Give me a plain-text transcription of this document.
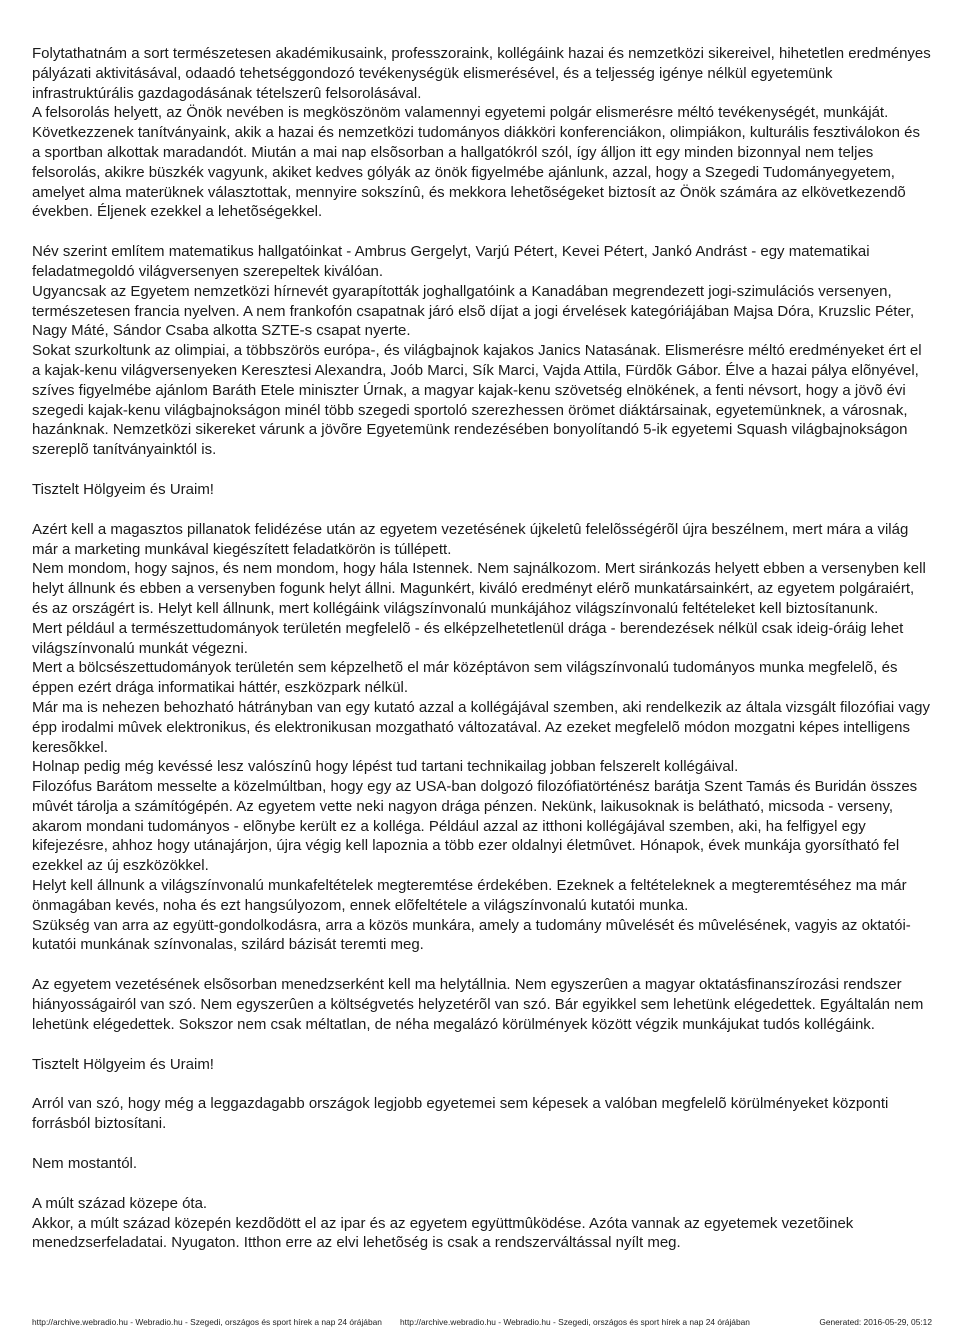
Folytathatnám a sort természetesen akadémikusaink, professzoraink, kollégáink hazai és nemzetközi sikereivel, hihetetlen eredményes pályázati aktivitásával, odaadó tehetséggondozó tevékenységük elismerésével, és a teljesség igénye nélkül egyetemünk infrastruktúrális gazdagodásának tételszerû felsorolásával.

A felsorolás helyett, az Önök nevében is megköszönöm valamennyi egyetemi polgár elismerésre méltó tevékenységét, munkáját.

Következzenek tanítványaink, akik a hazai és nemzetközi tudományos diákköri konferenciákon, olimpiákon, kulturális fesztiválokon és a sportban alkottak maradandót. Miután a mai nap elsõsorban a hallgatókról szól, így álljon itt egy minden bizonnyal nem teljes felsorolás, akikre büszkék vagyunk, akiket kedves gólyák az önök figyelmébe ajánlunk, azzal, hogy a Szegedi Tudományegyetem, amelyet alma materüknek választottak, mennyire sokszínû, és mekkora lehetõségeket biztosít az Önök számára az elkövetkezendõ években. Éljenek ezekkel a lehetõségekkel.

Név szerint említem matematikus hallgatóinkat - Ambrus Gergelyt, Varjú Pétert, Kevei Pétert, Jankó Andrást - egy matematikai feladatmegoldó világversenyen szerepeltek kiválóan.

Ugyancsak az Egyetem nemzetközi hírnevét gyarapították joghallgatóink a Kanadában megrendezett jogi-szimulációs versenyen, természetesen francia nyelven. A nem frankofón csapatnak járó elsõ díjat a jogi érvelések kategóriájában Majsa Dóra, Kruzslic Péter, Nagy Máté, Sándor Csaba alkotta SZTE-s csapat nyerte.

Sokat szurkoltunk az olimpiai, a többszörös európa-, és világbajnok kajakos Janics Natasának. Elismerésre méltó eredményeket ért el a kajak-kenu világversenyeken Keresztesi Alexandra, Joób Marci, Sík Marci, Vajda Attila, Fürdõk Gábor. Élve a hazai pálya elõnyével, szíves figyelmébe ajánlom Baráth Etele miniszter Úrnak, a magyar kajak-kenu szövetség elnökének, a fenti névsort, hogy a jövõ évi szegedi kajak-kenu világbajnokságon minél több szegedi sportoló szerezhessen örömet diáktársainak, egyetemünknek, a városnak, hazánknak. Nemzetközi sikereket várunk a jövõre Egyetemünk rendezésében bonyolítandó 5-ik egyetemi Squash világbajnokságon szereplõ tanítványainktól is.

Tisztelt Hölgyeim és Uraim!

Azért kell a magasztos pillanatok felidézése után az egyetem vezetésének újkeletû felelõsségérõl újra beszélnem, mert mára a világ már a marketing munkával kiegészített feladatkörön is túllépett.

Nem mondom, hogy sajnos, és nem mondom, hogy hála Istennek. Nem sajnálkozom. Mert siránkozás helyett ebben a versenyben kell helyt állnunk és ebben a versenyben fogunk helyt állni. Magunkért, kiváló eredményt elérõ munkatársainkért, az egyetem polgáraiért, és az országért is. Helyt kell állnunk, mert kollégáink világszínvonalú munkájához világszínvonalú feltételeket kell biztosítanunk.

Mert például a természettudományok területén megfelelõ - és elképzelhetetlenül drága - berendezések nélkül csak ideig-óráig lehet világszínvonalú munkát végezni.

Mert a bölcsészettudományok területén sem képzelhetõ el már középtávon sem világszínvonalú tudományos munka megfelelõ, és éppen ezért drága informatikai háttér, eszközpark nélkül.

Már ma is nehezen behozható hátrányban van egy kutató azzal a kollégájával szemben, aki rendelkezik az általa vizsgált filozófiai vagy épp irodalmi mûvek elektronikus, és elektronikusan mozgatható változatával. Az ezeket megfelelõ módon mozgatni képes intelligens keresõkkel.

Holnap pedig még kevéssé lesz valószínû hogy lépést tud tartani technikailag jobban felszerelt kollégáival.

Filozófus Barátom messelte a közelmúltban, hogy egy az USA-ban dolgozó filozófiatörténész barátja Szent Tamás és Buridán összes mûvét tárolja a számítógépén. Az egyetem vette neki nagyon drága pénzen. Nekünk, laikusoknak is belátható, micsoda - verseny, akarom mondani tudományos - elõnybe került ez a kollégа. Például azzal az itthoni kollégájával szemben, aki, ha felfigyel egy kifejezésre, ahhoz hogy utánajárjon, újra végig kell lapoznia a több ezer oldalnyi életmûvet. Hónapok, évek munkája gyorsítható fel ezekkel az új eszközökkel.

Helyt kell állnunk a világszínvonalú munkafeltételek megteremtése érdekében. Ezeknek a feltételeknek a megteremtéséhez ma már önmagában kevés, noha és ezt hangsúlyozom, ennek elõfeltétele a világszínvonalú kutatói munka.

Szükség van arra az együtt-gondolkodásra, arra a közös munkára, amely a tudomány mûvelését és mûvelésének, vagyis az oktatói-kutatói munkának színvonalas, szilárd bázisát teremti meg.

Az egyetem vezetésének elsõsorban menedzserként kell ma helytállnia. Nem egyszerûen a magyar oktatásfinanszírozási rendszer hiányosságairól van szó. Nem egyszerûen a költségvetés helyzetérõl van szó. Bár egyikkel sem lehetünk elégedettek. Egyáltalán nem lehetünk elégedettek. Sokszor nem csak méltatlan, de néha megalázó körülmények között végzik munkájukat tudós kollégáink.

Tisztelt Hölgyeim és Uraim!

Arról van szó, hogy még a leggazdagabb országok legjobb egyetemei sem képesek a valóban megfelelõ körülményeket központi forrásból biztosítani.

Nem mostantól.

A múlt század közepe óta.

Akkor, a múlt század közepén kezdõdött el az ipar és az egyetem együttmûködése. Azóta vannak az egyetemek vezetõinek menedzserfeladatai. Nyugaton. Itthon erre az elvi lehetõség is csak a rendszerváltással nyílt meg.

http://archive.webradio.hu - Webradio.hu - Szegedi, országos és sport hírek a nap 24 órájában http://archive.webradio.hu - Webradio.hu - Szegedi, országos és sport hírek a nap 24 órájában	Generated: 2016-05-29, 05:12
